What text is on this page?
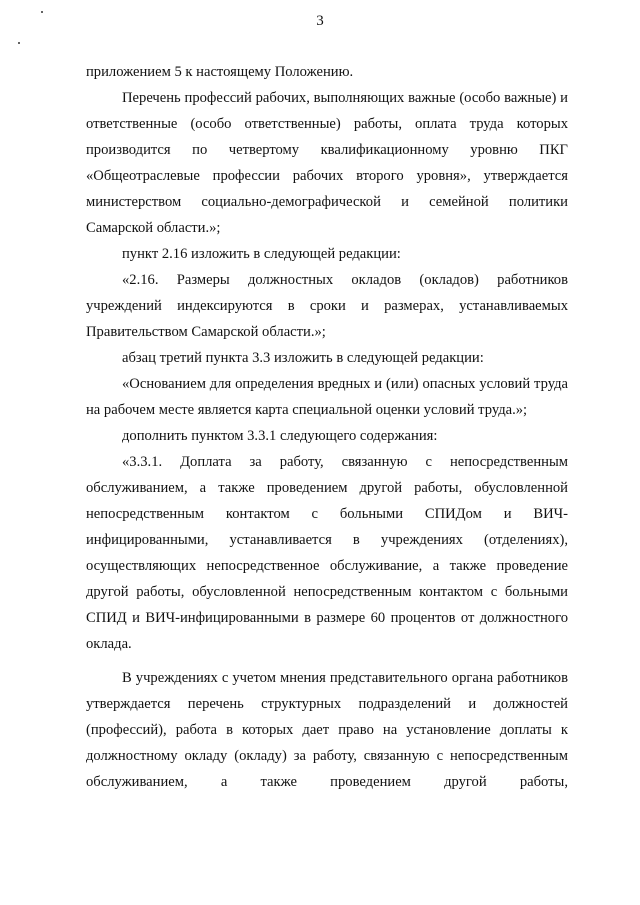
3

приложением 5 к настоящему Положению.

Перечень профессий рабочих, выполняющих важные (особо важные) и ответственные (особо ответственные) работы, оплата труда которых производится по четвертому квалификационному уровню ПКГ «Общеотраслевые профессии рабочих второго уровня», утверждается министерством социально-демографической и семейной политики Самарской области.»;

пункт 2.16 изложить в следующей редакции:

«2.16. Размеры должностных окладов (окладов) работников учреждений индексируются в сроки и размерах, устанавливаемых Правительством Самарской области.»;

абзац третий пункта 3.3 изложить в следующей редакции:

«Основанием для определения вредных и (или) опасных условий труда на рабочем месте является карта специальной оценки условий труда.»;

дополнить пунктом 3.3.1 следующего содержания:

«3.3.1. Доплата за работу, связанную с непосредственным обслуживанием, а также проведением другой работы, обусловленной непосредственным контактом с больными СПИДом и ВИЧ-инфицированными, устанавливается в учреждениях (отделениях), осуществляющих непосредственное обслуживание, а также проведение другой работы, обусловленной непосредственным контактом с больными СПИД и ВИЧ-инфицированными в размере 60 процентов от должностного оклада.

В учреждениях с учетом мнения представительного органа работников утверждается перечень структурных подразделений и должностей (профессий), работа в которых дает право на установление доплаты к должностному окладу (окладу) за работу, связанную с непосредственным обслуживанием, а также проведением другой работы,
